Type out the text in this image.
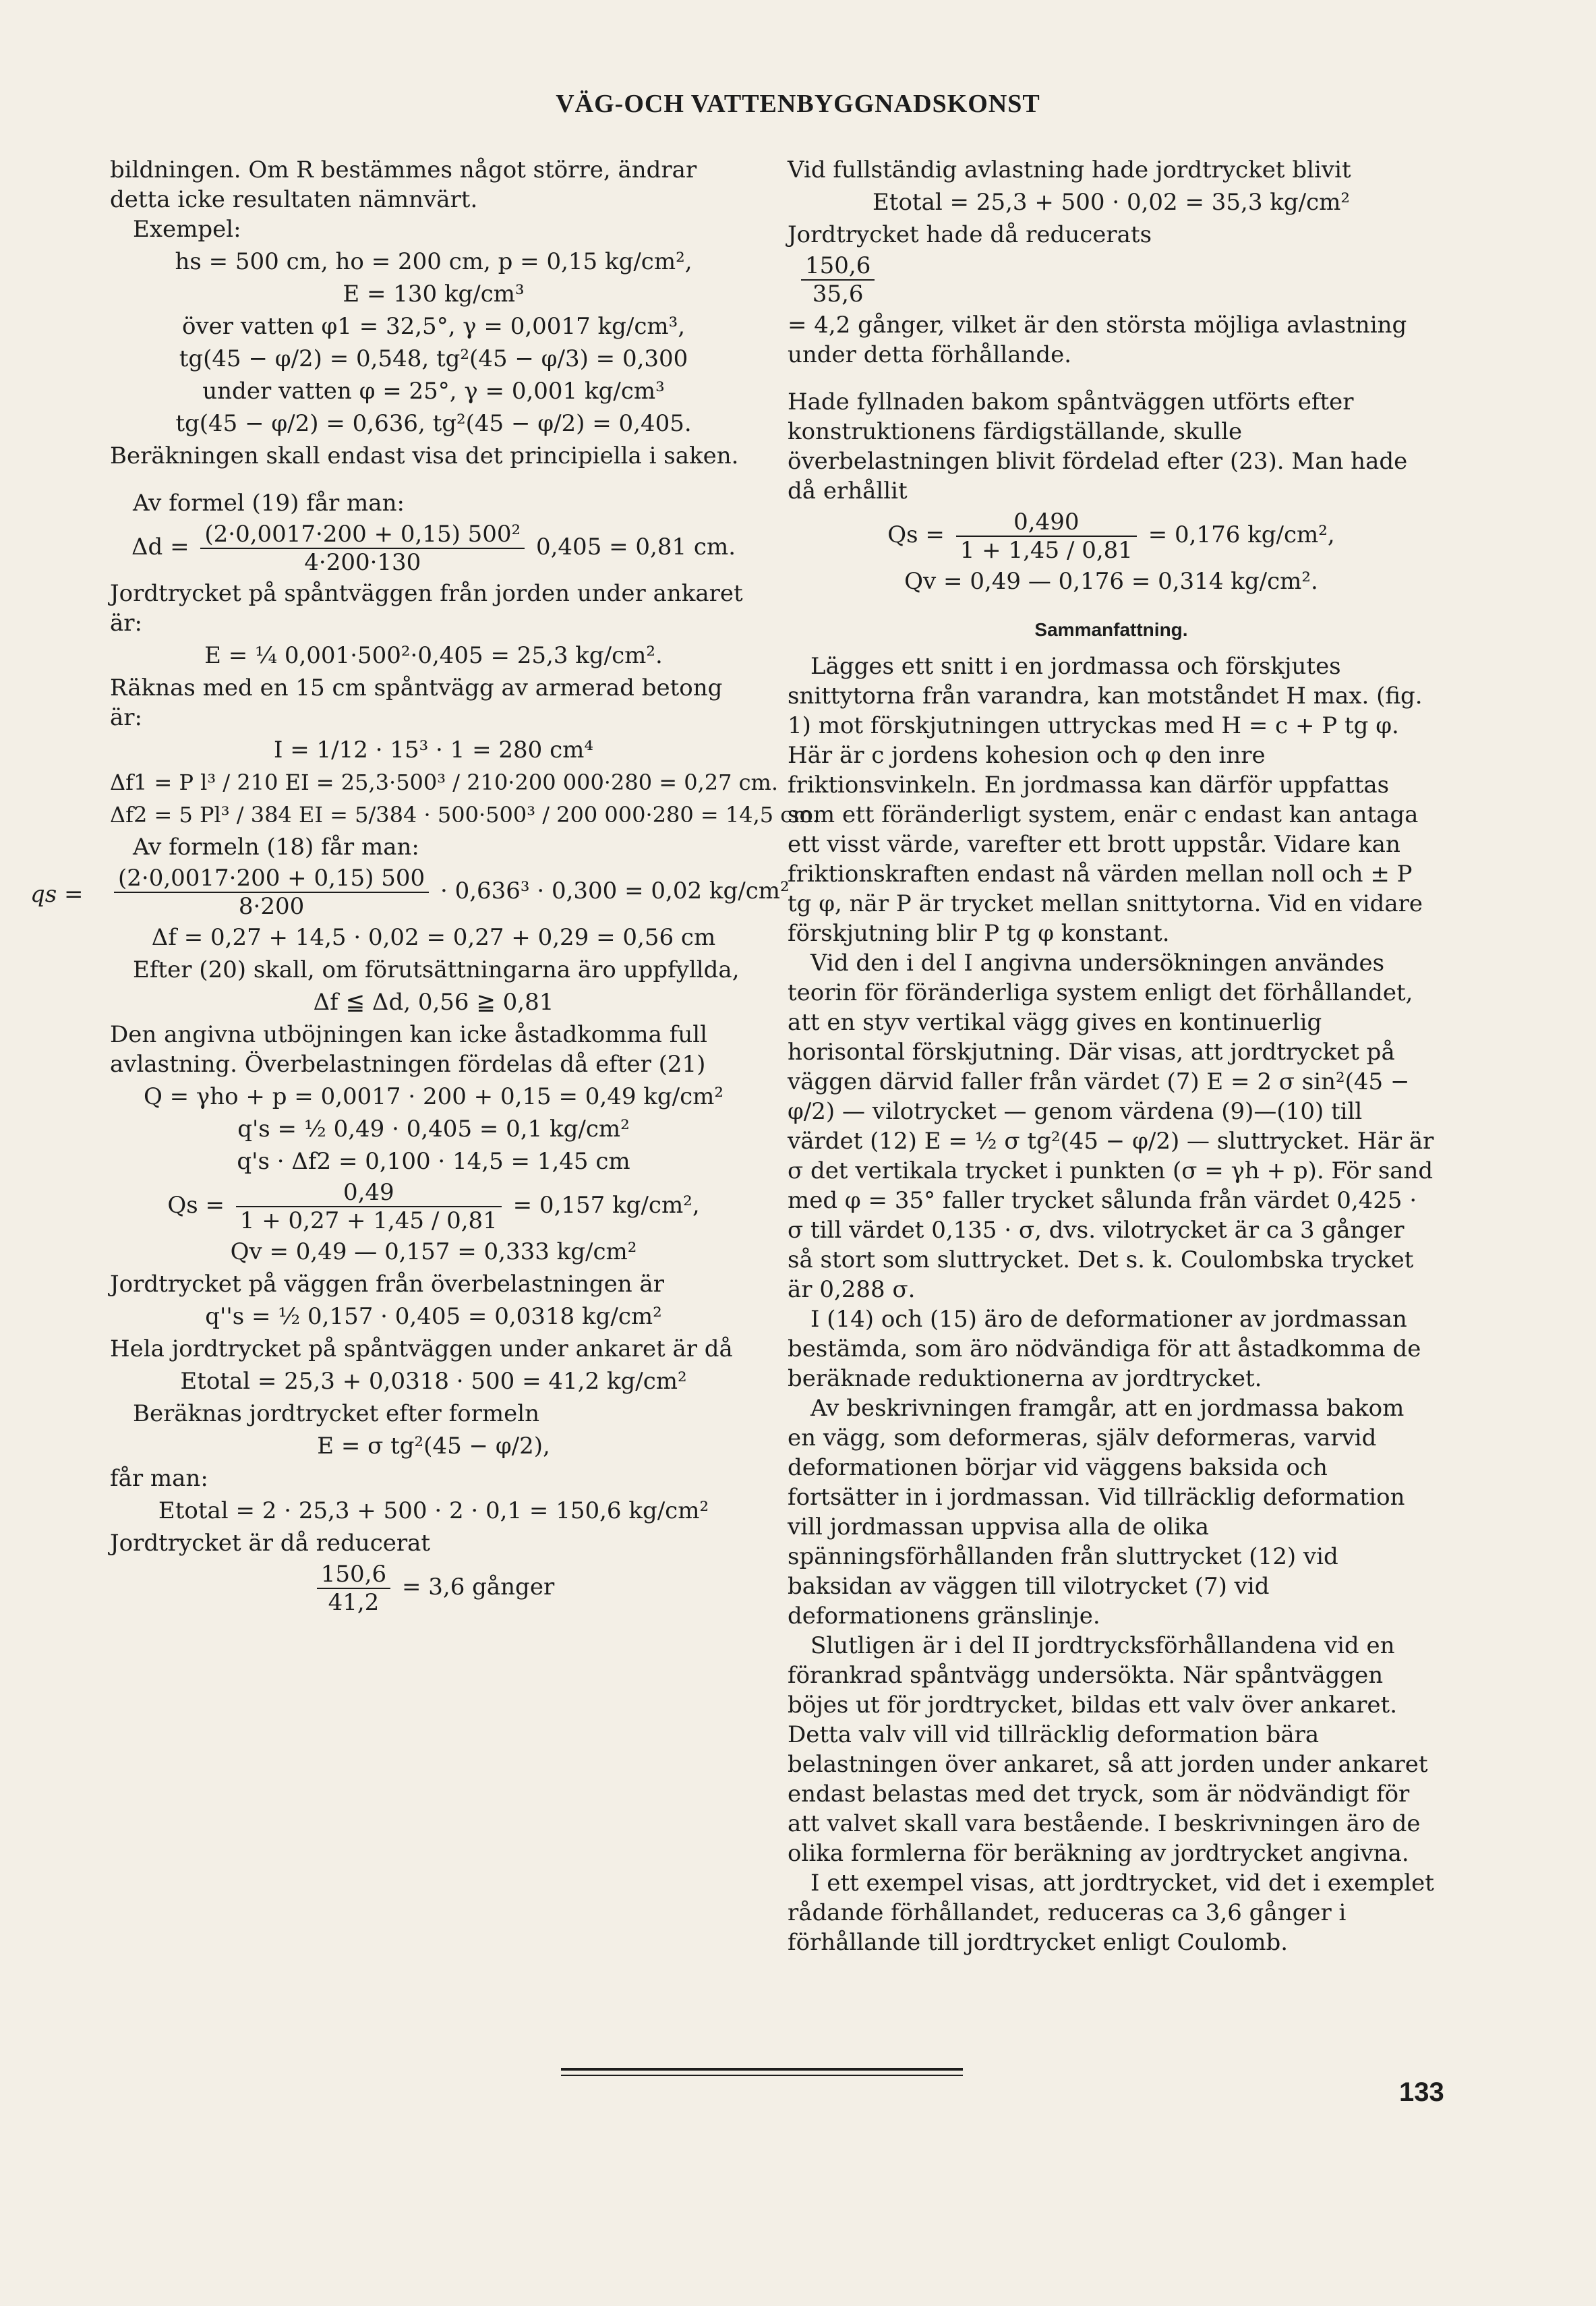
VÄG-OCH VATTENBYGGNADSKONST

bildningen. Om R bestämmes något större, ändrar detta icke resultaten nämnvärt.

Exempel:

hs = 500 cm, ho = 200 cm, p = 0,15 kg/cm²,
E = 130 kg/cm³
över vatten φ1 = 32,5°, γ = 0,0017 kg/cm³,
tg(45 − φ/2) = 0,548, tg²(45 − φ/3) = 0,300
under vatten φ = 25°, γ = 0,001 kg/cm³
tg(45 − φ/2) = 0,636, tg²(45 − φ/2) = 0,405.

Beräkningen skall endast visa det principiella i saken.

Av formel (19) får man:

$\Delta d = \frac{\text{(2·0,0017·200 + 0,15) 500²}}{4\cdot 200\cdot 130} 0,405 = 0,81$ cm.

Jordtrycket på spåntväggen från jorden under ankaret är:

E = ¼ 0,001·500²·0,405 = 25,3 kg/cm².

Räknas med en 15 cm spåntvägg av armerad betong är:

I = 1/12 · 15³ · 1 = 280 cm⁴
Δf1 = P l³ / 210 EI = 25,3·500³ / 210·200 000·280 = 0,27 cm.
Δf2 = 5 Pl³ / 384 EI = 5/384 · 500·500³ / 200 000·280 = 14,5 cm.

Av formeln (18) får man:

qs = $\frac{(2\cdot 0,0017\cdot 200 + 0,15) 500}{8\cdot 200} \cdot 0,636^3 \cdot 0,300 = 0,02$ kg/cm²
Δf = 0,27 + 14,5 · 0,02 = 0,27 + 0,29 = 0,56 cm

Efter (20) skall, om förutsättningarna äro uppfyllda,

Δf ≦ Δd, 0,56 ≧ 0,81

Den angivna utböjningen kan icke åstadkomma full avlastning. Överbelastningen fördelas då efter (21)

Q = γho + p = 0,0017 · 200 + 0,15 = 0,49 kg/cm²
q's = ½ 0,49 · 0,405 = 0,1 kg/cm²
q's · Δf2 = 0,100 · 14,5 = 1,45 cm
$Qs = \frac{0,49}{1 + 0,27 + 1,45 / 0,81} = 0,157$ kg/cm²,
Qv = 0,49 — 0,157 = 0,333 kg/cm²

Jordtrycket på väggen från överbelastningen är

q''s = ½ 0,157 · 0,405 = 0,0318 kg/cm²

Hela jordtrycket på spåntväggen under ankaret är då

Etotal = 25,3 + 0,0318 · 500 = 41,2 kg/cm²

Beräknas jordtrycket efter formeln

E = σ tg²(45 − φ/2),

får man:

Etotal = 2 · 25,3 + 500 · 2 · 0,1 = 150,6 kg/cm²

Jordtrycket är då reducerat

$\frac{150,6}{41,2} = 3,6$ gånger

Vid fullständig avlastning hade jordtrycket blivit

Etotal = 25,3 + 500 · 0,02 = 35,3 kg/cm²

Jordtrycket hade då reducerats

$\frac{150,6}{35,6}$

= 4,2 gånger, vilket är den största möjliga avlastning under detta förhållande.

Hade fyllnaden bakom spåntväggen utförts efter konstruktionens färdigställande, skulle överbelastningen blivit fördelad efter (23). Man hade då erhållit

$Qs = \frac{0,490}{1 + 1,45 / 0,81} = 0,176$ kg/cm²,
Qv = 0,49 — 0,176 = 0,314 kg/cm².
Sammanfattning.

Lägges ett snitt i en jordmassa och förskjutes snittytorna från varandra, kan motståndet H max. (fig. 1) mot förskjutningen uttryckas med H = c + P tg φ. Här är c jordens kohesion och φ den inre friktionsvinkeln. En jordmassa kan därför uppfattas som ett föränderligt system, enär c endast kan antaga ett visst värde, varefter ett brott uppstår. Vidare kan friktionskraften endast nå värden mellan noll och ± P tg φ, när P är trycket mellan snittytorna. Vid en vidare förskjutning blir P tg φ konstant.

Vid den i del I angivna undersökningen användes teorin för föränderliga system enligt det förhållandet, att en styv vertikal vägg gives en kontinuerlig horisontal förskjutning. Där visas, att jordtrycket på väggen därvid faller från värdet (7) E = 2 σ sin²(45 − φ/2) — vilotrycket — genom värdena (9)—(10) till värdet (12) E = ½ σ tg²(45 − φ/2) — sluttrycket. Här är σ det vertikala trycket i punkten (σ = γh + p). För sand med φ = 35° faller trycket sålunda från värdet 0,425 · σ till värdet 0,135 · σ, dvs. vilotrycket är ca 3 gånger så stort som sluttrycket. Det s. k. Coulombska trycket är 0,288 σ.

I (14) och (15) äro de deformationer av jordmassan bestämda, som äro nödvändiga för att åstadkomma de beräknade reduktionerna av jordtrycket.

Av beskrivningen framgår, att en jordmassa bakom en vägg, som deformeras, själv deformeras, varvid deformationen börjar vid väggens baksida och fortsätter in i jordmassan. Vid tillräcklig deformation vill jordmassan uppvisa alla de olika spänningsförhållanden från sluttrycket (12) vid baksidan av väggen till vilotrycket (7) vid deformationens gränslinje.

Slutligen är i del II jordtrycksförhållandena vid en förankrad spåntvägg undersökta. När spåntväggen böjes ut för jordtrycket, bildas ett valv över ankaret. Detta valv vill vid tillräcklig deformation bära belastningen över ankaret, så att jorden under ankaret endast belastas med det tryck, som är nödvändigt för att valvet skall vara bestående. I beskrivningen äro de olika formlerna för beräkning av jordtrycket angivna.

I ett exempel visas, att jordtrycket, vid det i exemplet rådande förhållandet, reduceras ca 3,6 gånger i förhållande till jordtrycket enligt Coulomb.

133
